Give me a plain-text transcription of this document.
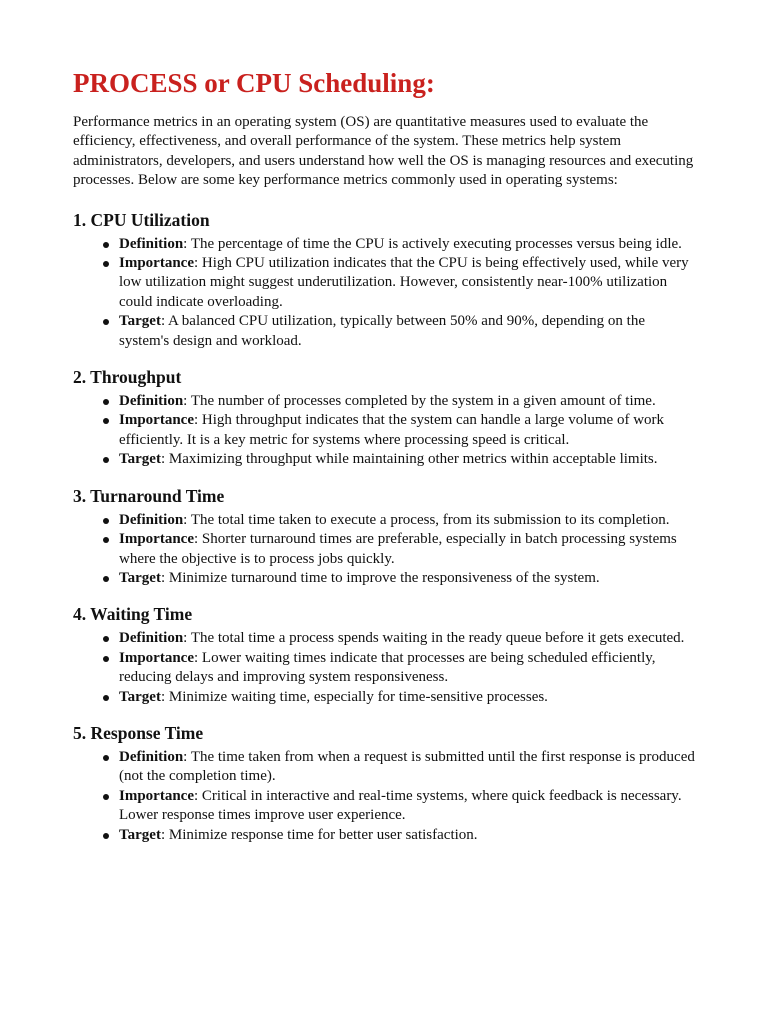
PROCESS or CPU Scheduling:

Performance metrics in an operating system (OS) are quantitative measures used to evaluate the efficiency, effectiveness, and overall performance of the system. These metrics help system administrators, developers, and users understand how well the OS is managing resources and executing processes. Below are some key performance metrics commonly used in operating systems:

1. CPU Utilization
Definition: The percentage of time the CPU is actively executing processes versus being idle.
Importance: High CPU utilization indicates that the CPU is being effectively used, while very low utilization might suggest underutilization. However, consistently near-100% utilization could indicate overloading.
Target: A balanced CPU utilization, typically between 50% and 90%, depending on the system's design and workload.
2. Throughput
Definition: The number of processes completed by the system in a given amount of time.
Importance: High throughput indicates that the system can handle a large volume of work efficiently. It is a key metric for systems where processing speed is critical.
Target: Maximizing throughput while maintaining other metrics within acceptable limits.
3. Turnaround Time
Definition: The total time taken to execute a process, from its submission to its completion.
Importance: Shorter turnaround times are preferable, especially in batch processing systems where the objective is to process jobs quickly.
Target: Minimize turnaround time to improve the responsiveness of the system.
4. Waiting Time
Definition: The total time a process spends waiting in the ready queue before it gets executed.
Importance: Lower waiting times indicate that processes are being scheduled efficiently, reducing delays and improving system responsiveness.
Target: Minimize waiting time, especially for time-sensitive processes.
5. Response Time
Definition: The time taken from when a request is submitted until the first response is produced (not the completion time).
Importance: Critical in interactive and real-time systems, where quick feedback is necessary. Lower response times improve user experience.
Target: Minimize response time for better user satisfaction.
